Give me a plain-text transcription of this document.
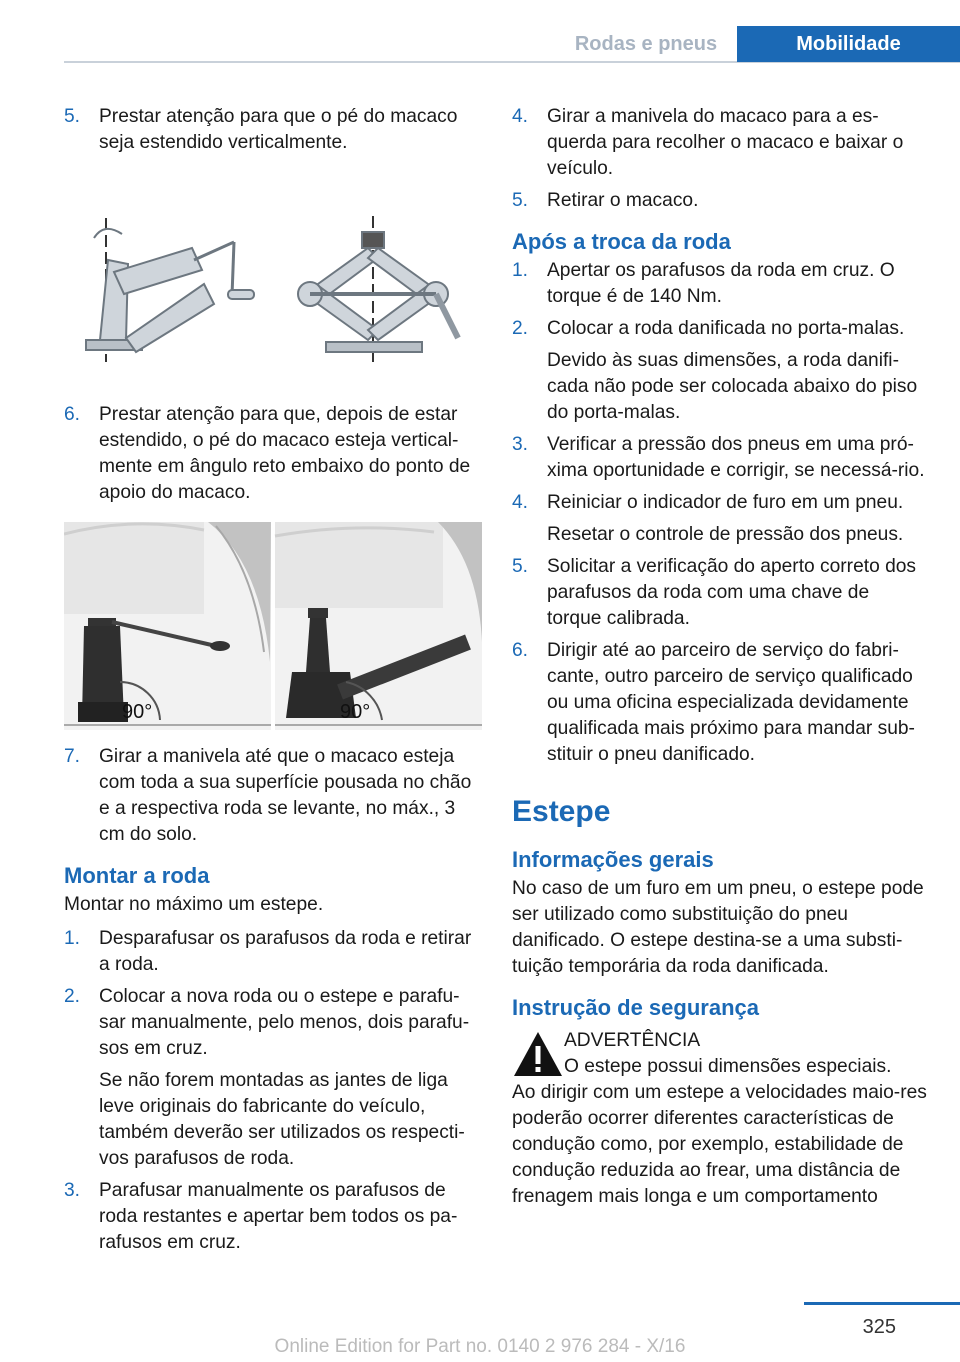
Rodas e pneus	Mobilidade
5. Prestar atenção para que o pé do macaco seja estendido verticalmente.
6. Prestar atenção para que, depois de estar estendido, o pé do macaco esteja vertical-mente em ângulo reto embaixo do ponto de apoio do macaco.
90°	90°
7. Girar a manivela até que o macaco esteja com toda a sua superfície pousada no chão e a respectiva roda se levante, no máx., 3 cm do solo.
Montar a roda

Montar no máximo um estepe.

1. Desparafusar os parafusos da roda e retirar a roda.
2. Colocar a nova roda ou o estepe e parafu-sar manualmente, pelo menos, dois parafu-sos em cruz.

Se não forem montadas as jantes de liga leve originais do fabricante do veículo, também deverão ser utilizados os respecti-vos parafusos de roda.

3. Parafusar manualmente os parafusos de roda restantes e apertar bem todos os pa-rafusos em cruz.
4. Girar a manivela do macaco para a es-querda para recolher o macaco e baixar o veículo.
5. Retirar o macaco.
Após a troca da roda
1. Apertar os parafusos da roda em cruz. O torque é de 140 Nm.
2. Colocar a roda danificada no porta-malas.

Devido às suas dimensões, a roda danifi-cada não pode ser colocada abaixo do piso do porta-malas.

3. Verificar a pressão dos pneus em uma pró-xima oportunidade e corrigir, se necessá-rio.
4. Reiniciar o indicador de furo em um pneu.

Resetar o controle de pressão dos pneus.

5. Solicitar a verificação do aperto correto dos parafusos da roda com uma chave de torque calibrada.
6. Dirigir até ao parceiro de serviço do fabri-cante, outro parceiro de serviço qualificado ou uma oficina especializada devidamente qualificada mais próximo para mandar sub-stituir o pneu danificado.
Estepe
Informações gerais

No caso de um furo em um pneu, o estepe pode ser utilizado como substituição do pneu danificado. O estepe destina-se a uma substi-tuição temporária da roda danificada.

Instrução de segurança

ADVERTÊNCIA

O estepe possui dimensões especiais.

Ao dirigir com um estepe a velocidades maio-res poderão ocorrer diferentes características de condução como, por exemplo, estabilidade de condução reduzida ao frear, uma distância de frenagem mais longa e um comportamento

325
Online Edition for Part no. 0140 2 976 284 - X/16
